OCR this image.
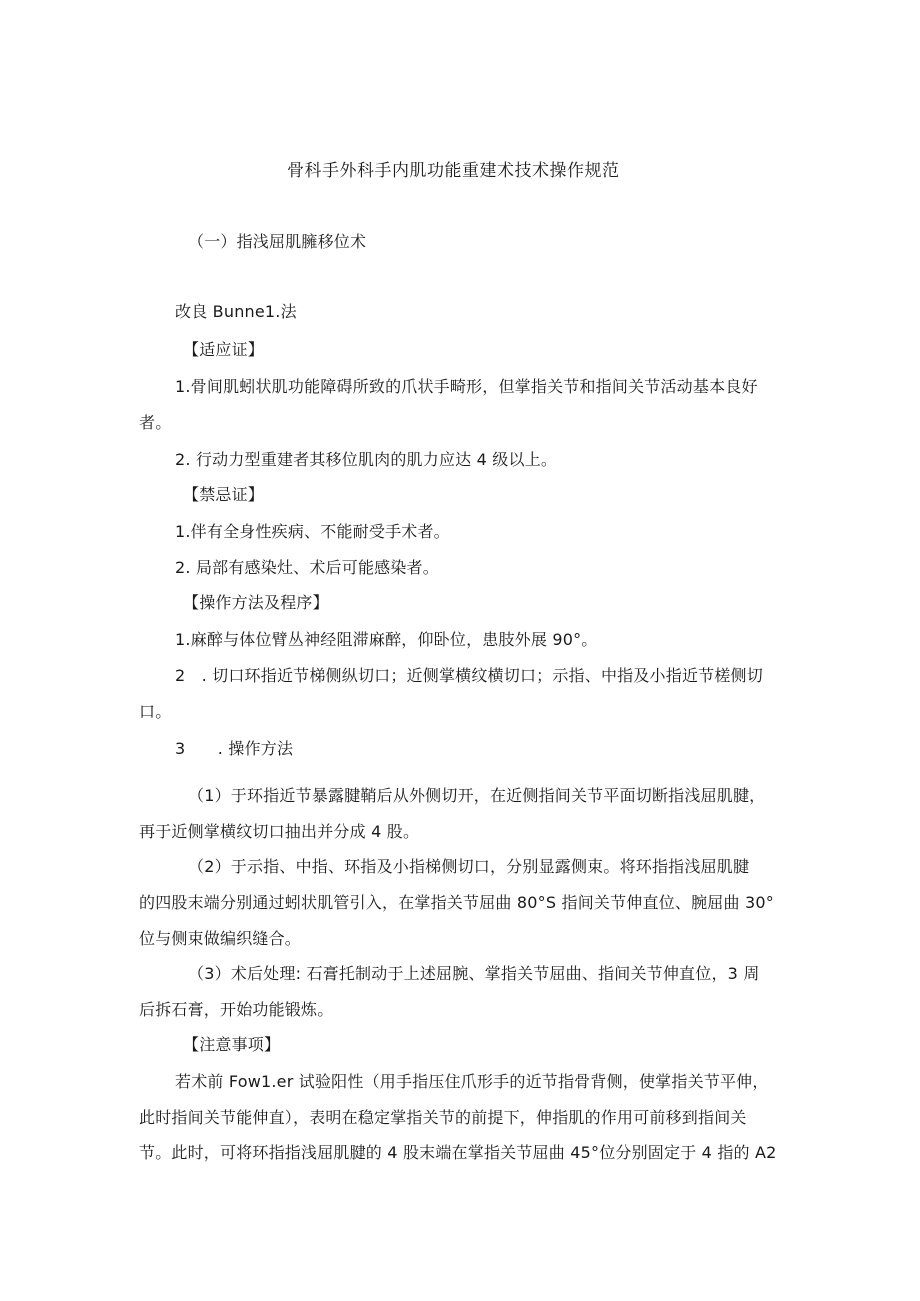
骨科手外科手内肌功能重建术技术操作规范
（一）指浅屈肌臃移位术
改良 Bunne1.法
【适应证】
1.骨间肌蚓状肌功能障碍所致的爪状手畸形，但掌指关节和指间关节活动基本良好
者。
2. 行动力型重建者其移位肌肉的肌力应达 4 级以上。
【禁忌证】
1.伴有全身性疾病、不能耐受手术者。
2. 局部有感染灶、术后可能感染者。
【操作方法及程序】
1.麻醉与体位臂丛神经阻滞麻醉，仰卧位，患肢外展 90°。
2　. 切口环指近节梯侧纵切口；近侧掌横纹横切口；示指、中指及小指近节槎侧切
口。
3　　. 操作方法
（1）于环指近节暴露腱鞘后从外侧切开，在近侧指间关节平面切断指浅屈肌腱，
再于近侧掌横纹切口抽出并分成 4 股。
（2）于示指、中指、环指及小指梯侧切口，分别显露侧束。将环指指浅屈肌腱
的四股末端分别通过蚓状肌管引入，在掌指关节屈曲 80°S 指间关节伸直位、腕屈曲 30°
位与侧束做编织缝合。
（3）术后处理: 石膏托制动于上述屈腕、掌指关节屈曲、指间关节伸直位，3 周
后拆石膏，开始功能锻炼。
【注意事项】
若术前 Fow1.er 试验阳性（用手指压住爪形手的近节指骨背侧，使掌指关节平伸，
此时指间关节能伸直），表明在稳定掌指关节的前提下，伸指肌的作用可前移到指间关
节。此时，可将环指指浅屈肌腱的 4 股末端在掌指关节屈曲 45°位分别固定于 4 指的 A2
